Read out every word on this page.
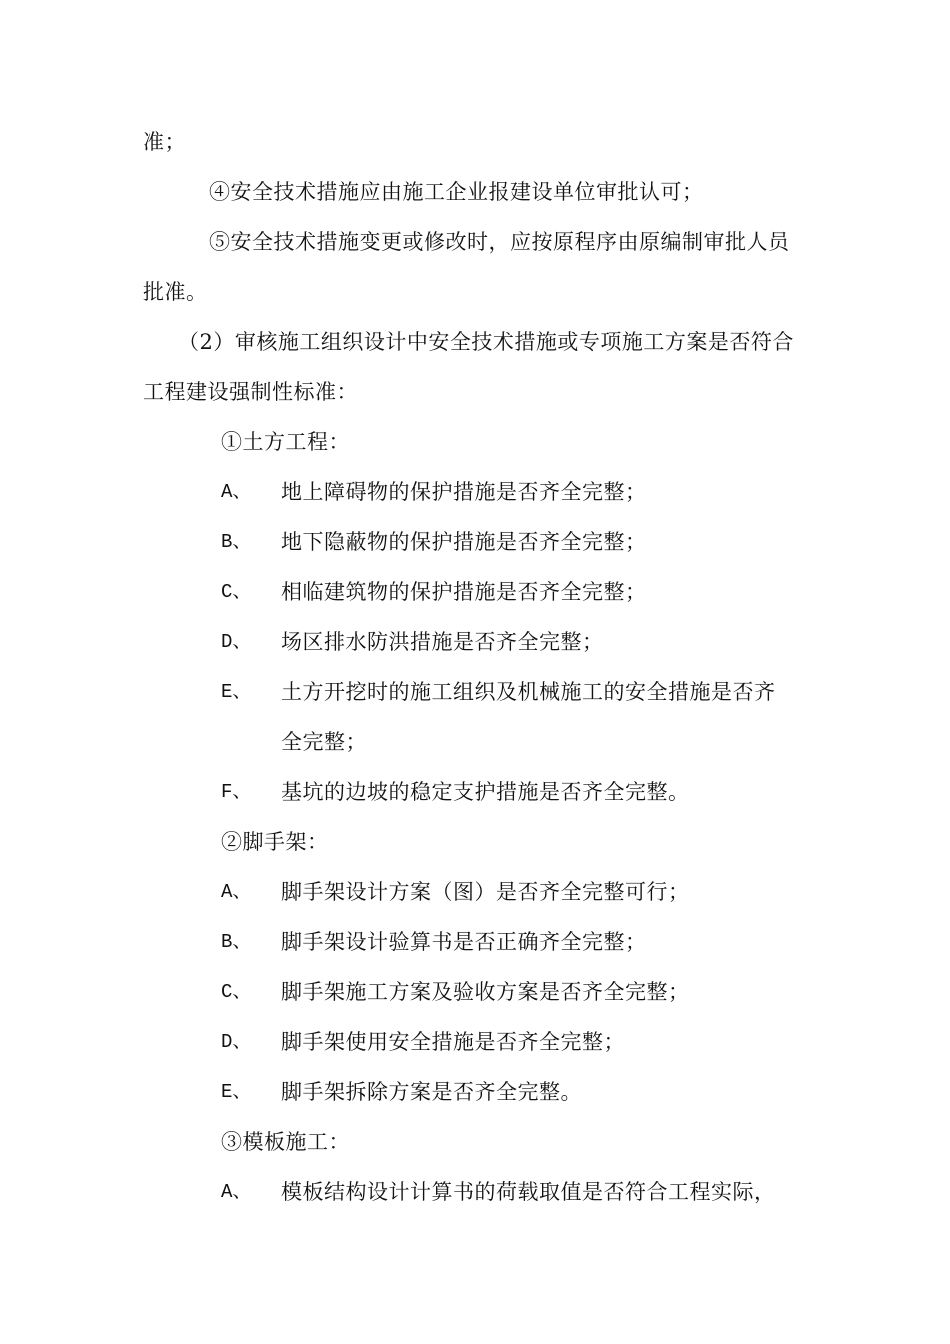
准；
④安全技术措施应由施工企业报建设单位审批认可；
⑤安全技术措施变更或修改时，应按原程序由原编制审批人员
批准。
（2）审核施工组织设计中安全技术措施或专项施工方案是否符合
工程建设强制性标准：
①土方工程：
A、 地上障碍物的保护措施是否齐全完整；
B、 地下隐蔽物的保护措施是否齐全完整；
C、 相临建筑物的保护措施是否齐全完整；
D、 场区排水防洪措施是否齐全完整；
E、 土方开挖时的施工组织及机械施工的安全措施是否齐
全完整；
F、 基坑的边坡的稳定支护措施是否齐全完整。
②脚手架：
A、 脚手架设计方案（图）是否齐全完整可行；
B、 脚手架设计验算书是否正确齐全完整；
C、 脚手架施工方案及验收方案是否齐全完整；
D、 脚手架使用安全措施是否齐全完整；
E、 脚手架拆除方案是否齐全完整。
③模板施工：
A、 模板结构设计计算书的荷载取值是否符合工程实际，
